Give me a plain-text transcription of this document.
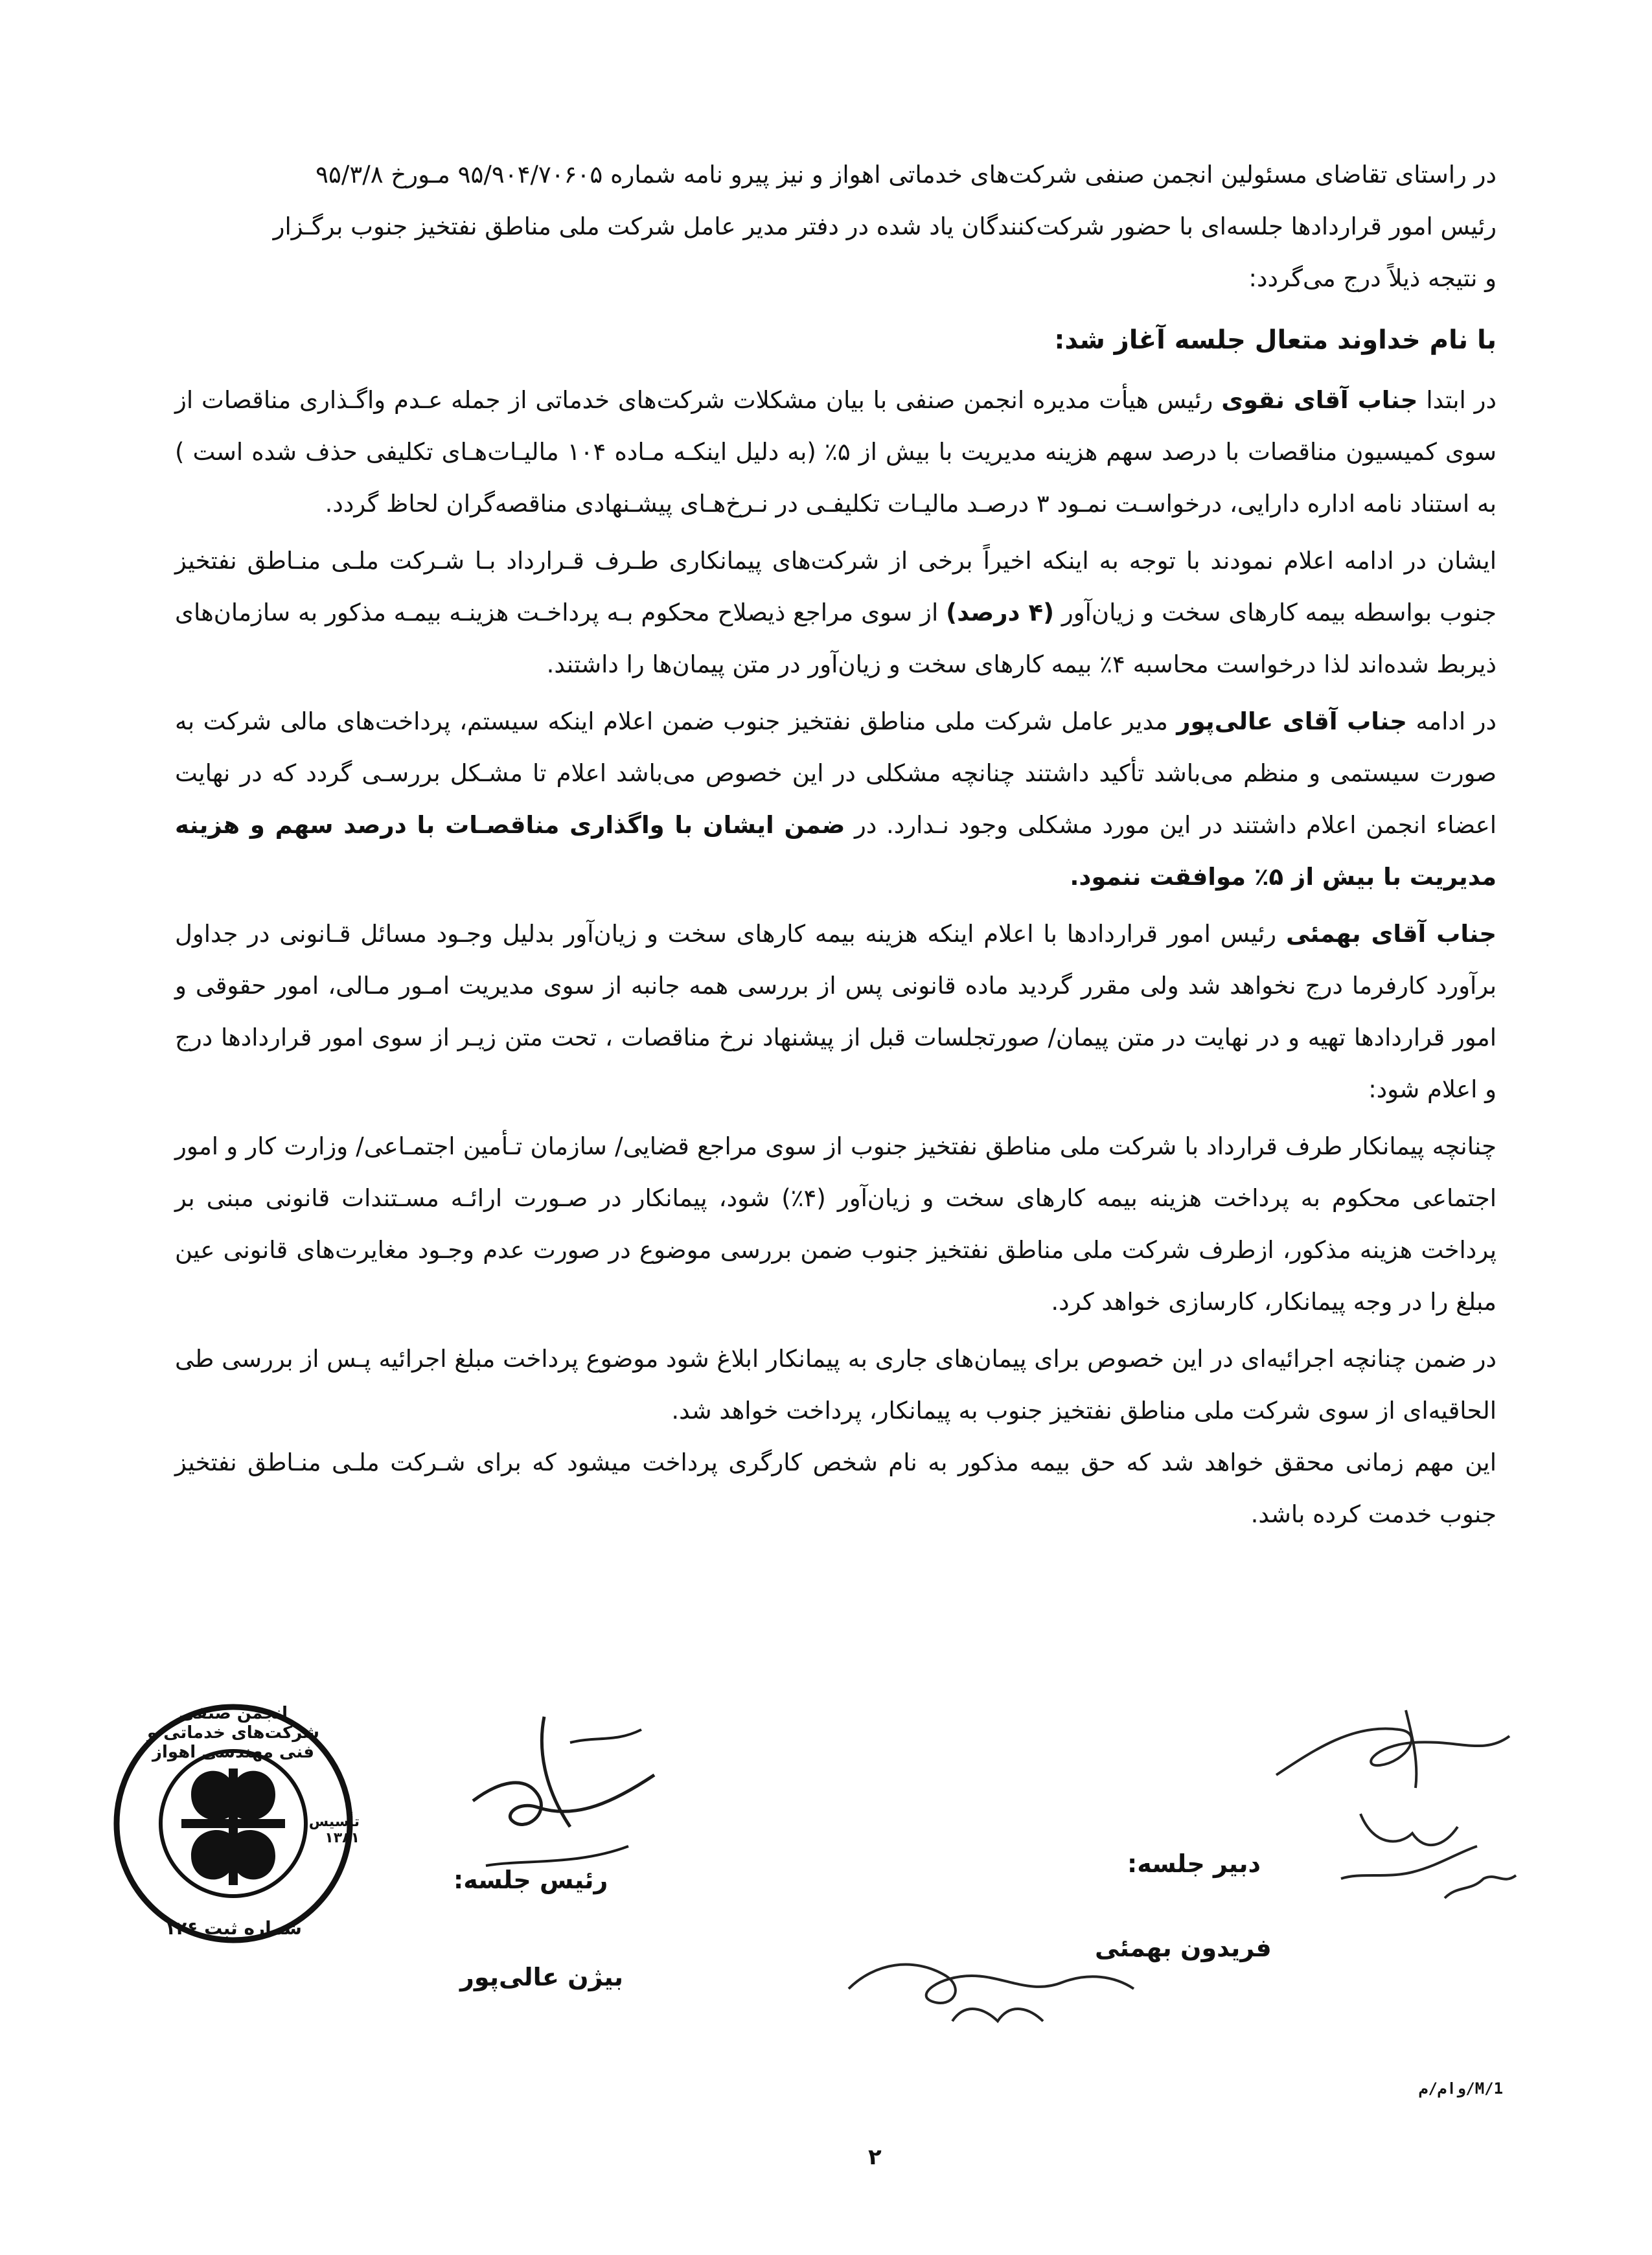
در راستای تقاضای مسئولین انجمن صنفی شرکت‌های خدماتی اهواز و نیز پیرو نامه شماره ۹۵/۹۰۴/۷۰۶۰۵ مـورخ ۹۵/۳/۸

رئیس امور قراردادها جلسه‌ای با حضور شرکت‌کنندگان یاد شده در دفتر مدیر عامل شرکت ملی مناطق نفتخیز جنوب برگـزار

و نتیجه ذیلاً درج می‌گردد:

با نام خداوند متعال جلسه آغاز شد:

در ابتدا جناب آقای نقوی رئیس هیأت مدیره انجمن صنفی با بیان مشکلات شرکت‌های خدماتی از جمله عـدم واگـذاری مناقصات از سوی کمیسیون مناقصات با درصد سهم هزینه مدیریت با بیش از ۵٪ (به دلیل اینکـه مـاده ۱۰۴ مالیـات‌هـای تکلیفی حذف شده است ) به استناد نامه اداره دارایی، درخواسـت نمـود ۳ درصـد مالیـات تکلیفـی در نـرخ‌هـای پیشـنهادی مناقصه‌گران لحاظ گردد.

ایشان در ادامه اعلام نمودند با توجه به اینکه اخیراً برخی از شرکت‌های پیمانکاری طـرف قـرارداد بـا شـرکت ملـی منـاطق نفتخیز جنوب بواسطه بیمه کارهای سخت و زیان‌آور (۴ درصد) از سوی مراجع ذیصلاح محکوم بـه پرداخـت هزینـه بیمـه مذکور به سازمان‌های ذیربط شده‌اند لذا درخواست محاسبه ۴٪ بیمه کارهای سخت و زیان‌آور در متن پیمان‌ها را داشتند.

در ادامه جناب آقای عالی‌پور مدیر عامل شرکت ملی مناطق نفتخیز جنوب ضمن اعلام اینکه سیستم، پرداخت‌های مالی شرکت به صورت سیستمی و منظم می‌باشد تأکید داشتند چنانچه مشکلی در این خصوص می‌باشد اعلام تا مشـکل بررسـی گردد که در نهایت اعضاء انجمن اعلام داشتند در این مورد مشکلی وجود نـدارد. در ضمن ایشان با واگذاری مناقصـات با درصد سهم و هزینه مدیریت با بیش از ۵٪ موافقت ننمود.

جناب آقای بهمئی رئیس امور قراردادها با اعلام اینکه هزینه بیمه کارهای سخت و زیان‌آور بدلیل وجـود مسائل قـانونی در جداول برآورد کارفرما درج نخواهد شد ولی مقرر گردید ماده قانونی پس از بررسی همه جانبه از سوی مدیریت امـور مـالی، امور حقوقی و امور قراردادها تهیه و در نهایت در متن پیمان/ صورتجلسات قبل از پیشنهاد نرخ مناقصات ، تحت متن زیـر از سوی امور قراردادها درج و اعلام شود:

چنانچه پیمانکار طرف قرارداد با شرکت ملی مناطق نفتخیز جنوب از سوی مراجع قضایی/ سازمان تـأمین اجتمـاعی/ وزارت کار و امور اجتماعی محکوم به پرداخت هزینه بیمه کارهای سخت و زیان‌آور (۴٪) شود، پیمانکار در صـورت ارائـه مسـتندات قانونی مبنی بر پرداخت هزینه مذکور، ازطرف شرکت ملی مناطق نفتخیز جنوب ضمن بررسی موضوع در صورت عدم وجـود مغایرت‌های قانونی عین مبلغ را در وجه پیمانکار، کارسازی خواهد کرد.

در ضمن چنانچه اجرائیه‌ای در این خصوص برای پیمان‌های جاری به پیمانکار ابلاغ شود موضوع پرداخت مبلغ اجرائیه پـس از بررسی طی الحاقیه‌ای از سوی شرکت ملی مناطق نفتخیز جنوب به پیمانکار، پرداخت خواهد شد.

این مهم زمانی محقق خواهد شد که حق بیمه مذکور به نام شخص کارگری پرداخت میشود که برای شـرکت ملـی منـاطق نفتخیز جنوب خدمت کرده باشد.

انجمن صنفی شرکت‌های خدماتی و فنی مهندسی اهواز
تأسیس ۱۳۸۱
شماره ثبت ۱۲۶
رئیس جلسه:
بیژن عالی‌پور
دبیر جلسه:
فریدون بهمئی
وام/م/M/1
۲
